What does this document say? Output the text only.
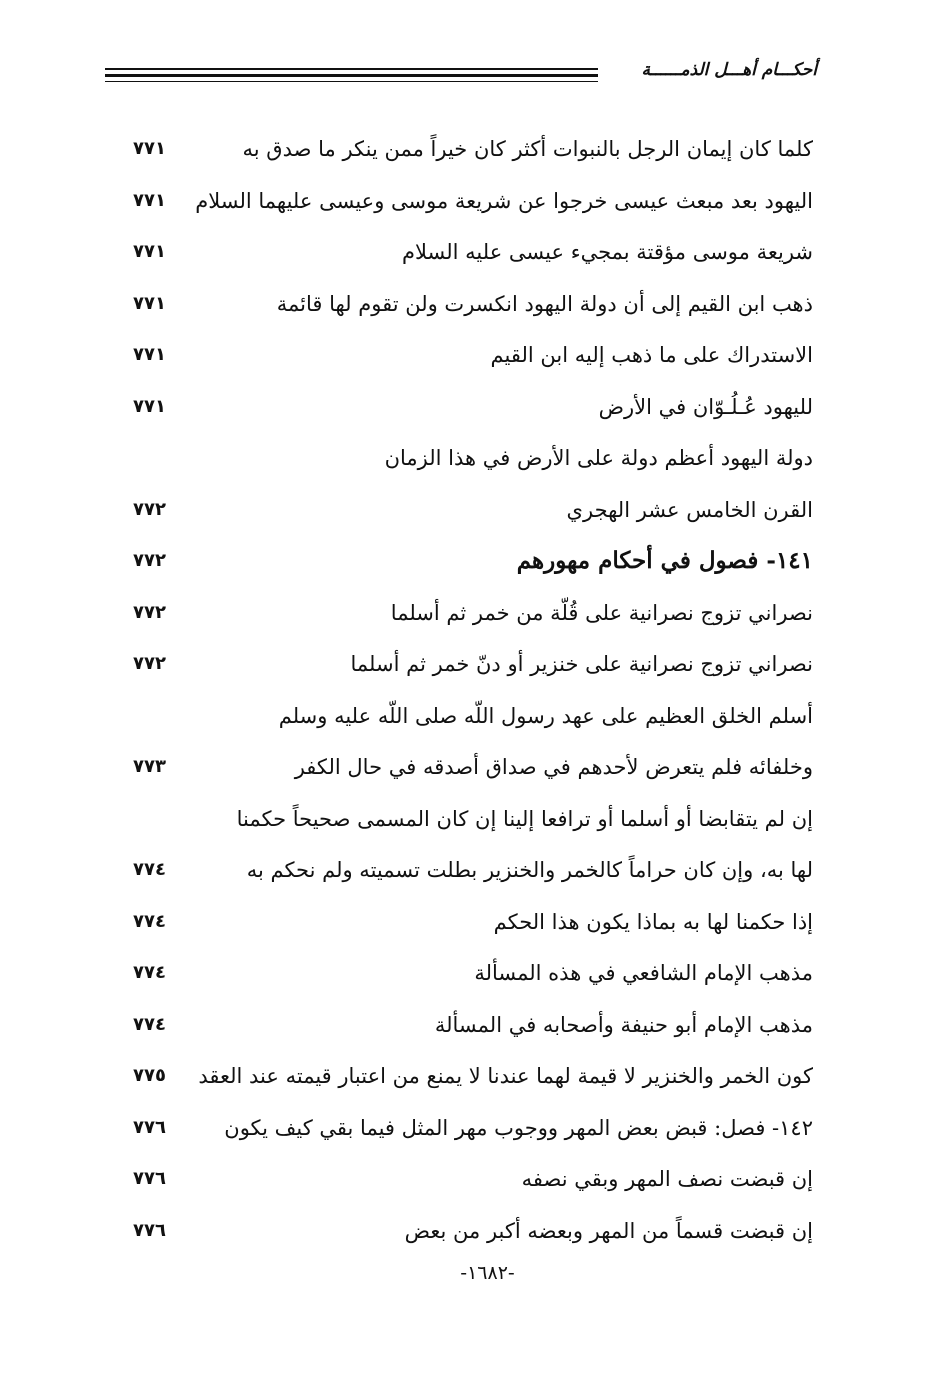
أحكـــام أهـــل الذمــــــة
كلما كان إيمان الرجل بالنبوات أكثر كان خيراً ممن ينكر ما صدق به
٧٧١
اليهود بعد مبعث عيسى خرجوا عن شريعة موسى وعيسى عليهما السلام
٧٧١
شريعة موسى مؤقتة بمجيء عيسى عليه السلام
٧٧١
ذهب ابن القيم إلى أن دولة اليهود انكسرت ولن تقوم لها قائمة
٧٧١
الاستدراك على ما ذهب إليه ابن القيم
٧٧١
لليهود عُـلُـوّان في الأرض
٧٧١
دولة اليهود أعظم دولة على الأرض في هذا الزمان
القرن الخامس عشر الهجري
٧٧٢
١٤١- فصول في أحكام مهورهم
٧٧٢
نصراني تزوج نصرانية على قُلّة من خمر ثم أسلما
٧٧٢
نصراني تزوج نصرانية على خنزير أو دنّ خمر ثم أسلما
٧٧٢
أسلم الخلق العظيم على عهد رسول اللّه صلى اللّه عليه وسلم
وخلفائه فلم يتعرض لأحدهم في صداق أصدقه في حال الكفر
٧٧٣
إن لم يتقابضا أو أسلما أو ترافعا إلينا إن كان المسمى صحيحاً حكمنا
لها به، وإن كان حراماً كالخمر والخنزير بطلت تسميته ولم نحكم به
٧٧٤
إذا حكمنا لها به بماذا يكون هذا الحكم
٧٧٤
مذهب الإمام الشافعي في هذه المسألة
٧٧٤
مذهب الإمام أبو حنيفة وأصحابه في المسألة
٧٧٤
كون الخمر والخنزير لا قيمة لهما عندنا لا يمنع من اعتبار قيمته عند العقد
٧٧٥
١٤٢- فصل: قبض بعض المهر ووجوب مهر المثل فيما بقي كيف يكون
٧٧٦
إن قبضت نصف المهر وبقي نصفه
٧٧٦
إن قبضت قسماً من المهر وبعضه أكبر من بعض
٧٧٦
-١٦٨٢-
